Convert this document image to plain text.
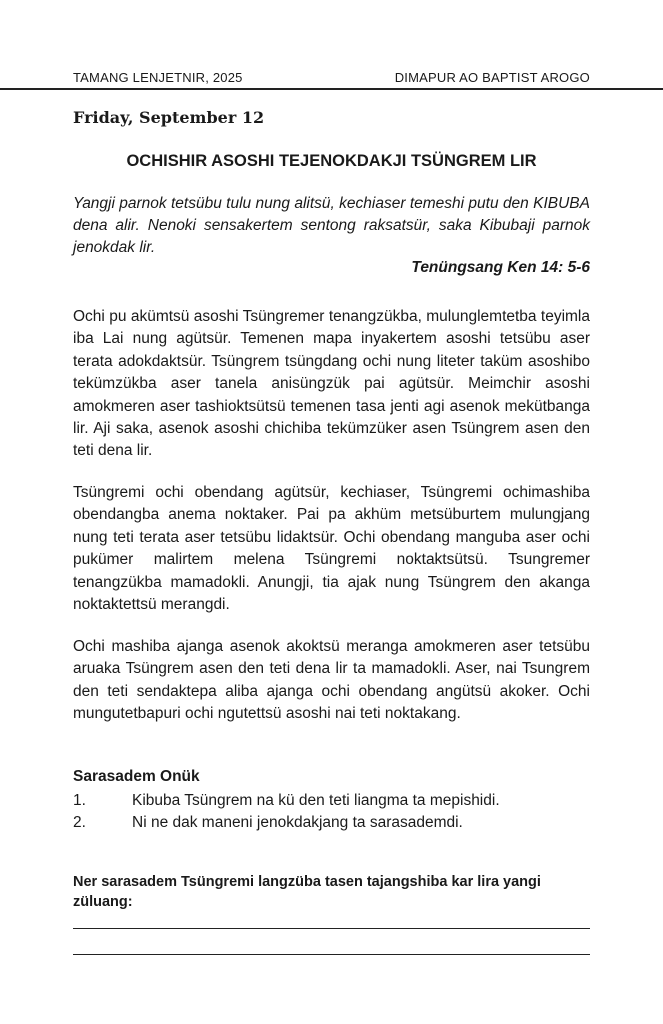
TAMANG LENJETNIR, 2025	DIMAPUR AO BAPTIST AROGO
Friday, September 12
OCHISHIR ASOSHI TEJENOKDAKJI TSÜNGREM LIR
Yangji parnok tetsübu tulu nung alitsü, kechiaser temeshi putu den KIBUBA dena alir. Nenoki sensakertem sentong raksatsür, saka Kibubaji parnok jenokdak lir.
Tenüngsang Ken 14: 5-6

Ochi pu akümtsü asoshi Tsüngremer tenangzükba, mulunglemtetba teyimla iba Lai nung agütsür. Temenen mapa inyakertem asoshi tetsübu aser terata adokdaktsür. Tsüngrem tsüngdang ochi nung liteter taküm asoshibo tekümzükba aser tanela anisüngzük pai agütsür. Meimchir asoshi amokmeren aser tashioktsütsü temenen tasa jenti agi asenok mekütbanga lir. Aji saka, asenok asoshi chichiba tekümzüker asen Tsüngrem asen den teti dena lir.

Tsüngremi ochi obendang agütsür, kechiaser, Tsüngremi ochimashiba obendangba anema noktaker. Pai pa akhüm metsüburtem mulungjang nung teti terata aser tetsübu lidaktsür. Ochi obendang manguba aser ochi pukümer malirtem melena Tsüngremi noktaktsütsü. Tsungremer tenangzükba mamadokli. Anungji, tia ajak nung Tsüngrem den akanga noktaktettsü merangdi.

Ochi mashiba ajanga asenok akoktsü meranga amokmeren aser tetsübu aruaka Tsüngrem asen den teti dena lir ta mamadokli. Aser, nai Tsungrem den teti sendaktepa aliba ajanga ochi obendang angütsü akoker. Ochi mungutetbapuri ochi ngutettsü asoshi nai teti noktakang.

Sarasadem Onük
1.	Kibuba Tsüngrem na kü den teti liangma ta mepishidi.
2.	Ni ne dak maneni jenokdakjang ta sarasademdi.
Ner sarasadem Tsüngremi langzüba tasen tajangshiba kar lira yangi züluang:
